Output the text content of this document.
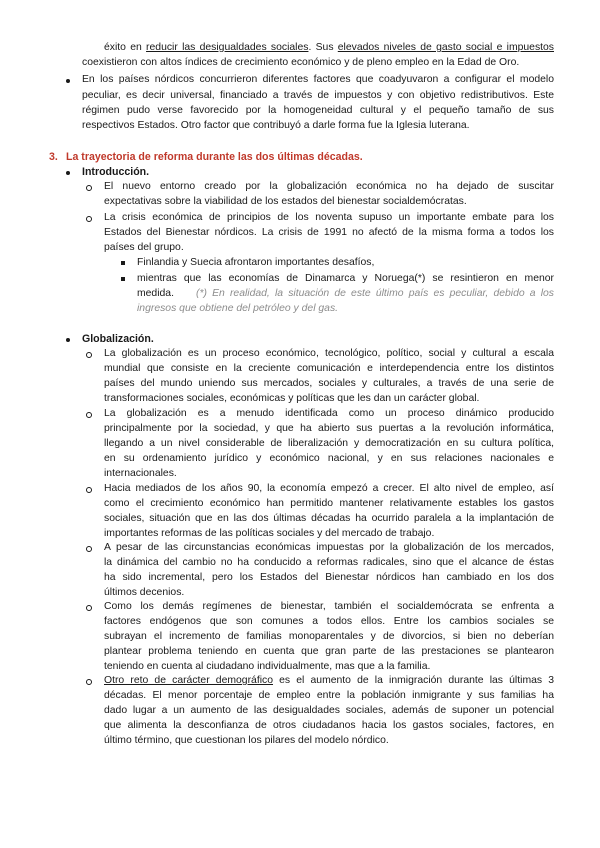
éxito en reducir las desigualdades sociales. Sus elevados niveles de gasto social e impuestos
coexistieron con altos índices de crecimiento económico y de pleno empleo en la Edad de Oro.
En los países nórdicos concurrieron diferentes factores que coadyuvaron a configurar el modelo
peculiar, es decir universal, financiado a través de impuestos y con objetivo redistributivos. Este
régimen pudo verse favorecido por la homogeneidad cultural y el pequeño tamaño de sus
respectivos Estados. Otro factor que contribuyó a darle forma fue la Iglesia luterana.
3. La trayectoria de reforma durante las dos últimas décadas.
Introducción.
El nuevo entorno creado por la globalización económica no ha dejado de suscitar
expectativas sobre la viabilidad de los estados del bienestar socialdemócratas.
La crisis económica de principios de los noventa supuso un importante embate para los
Estados del Bienestar nórdicos. La crisis de 1991 no afectó de la misma forma a todos los
países del grupo.
Finlandia y Suecia afrontaron importantes desafíos,
mientras que las economías de Dinamarca y Noruega(*) se resintieron en menor
medida. (*) En realidad, la situación de este último país es peculiar, debido a los
ingresos que obtiene del petróleo y del gas.
Globalización.
La globalización es un proceso económico, tecnológico, político, social y cultural a escala
mundial que consiste en la creciente comunicación e interdependencia entre los distintos
países del mundo uniendo sus mercados, sociales y culturales, a través de una serie de
transformaciones sociales, económicas y políticas que les dan un carácter global.
La globalización es a menudo identificada como un proceso dinámico producido
principalmente por la sociedad, y que ha abierto sus puertas a la revolución informática,
llegando a un nivel considerable de liberalización y democratización en su cultura política,
en su ordenamiento jurídico y económico nacional, y en sus relaciones nacionales e
internacionales.
Hacia mediados de los años 90, la economía empezó a crecer. El alto nivel de empleo, así
como el crecimiento económico han permitido mantener relativamente estables los gastos
sociales, situación que en las dos últimas décadas ha ocurrido paralela a la implantación de
importantes reformas de las políticas sociales y del mercado de trabajo.
A pesar de las circunstancias económicas impuestas por la globalización de los mercados,
la dinámica del cambio no ha conducido a reformas radicales, sino que el alcance de éstas
ha sido incremental, pero los Estados del Bienestar nórdicos han cambiado en los dos
últimos decenios.
Como los demás regímenes de bienestar, también el socialdemócrata se enfrenta a
factores endógenos que son comunes a todos ellos. Entre los cambios sociales se
subrayan el incremento de familias monoparentales y de divorcios, si bien no deberían
plantear problema teniendo en cuenta que gran parte de las prestaciones se plantearon
teniendo en cuenta al ciudadano individualmente, mas que a la familia.
Otro reto de carácter demográfico es el aumento de la inmigración durante las últimas 3
décadas. El menor porcentaje de empleo entre la población inmigrante y sus familias ha
dado lugar a un aumento de las desigualdades sociales, además de suponer un potencial
que alimenta la desconfianza de otros ciudadanos hacia los gastos sociales, factores, en
último término, que cuestionan los pilares del modelo nórdico.
